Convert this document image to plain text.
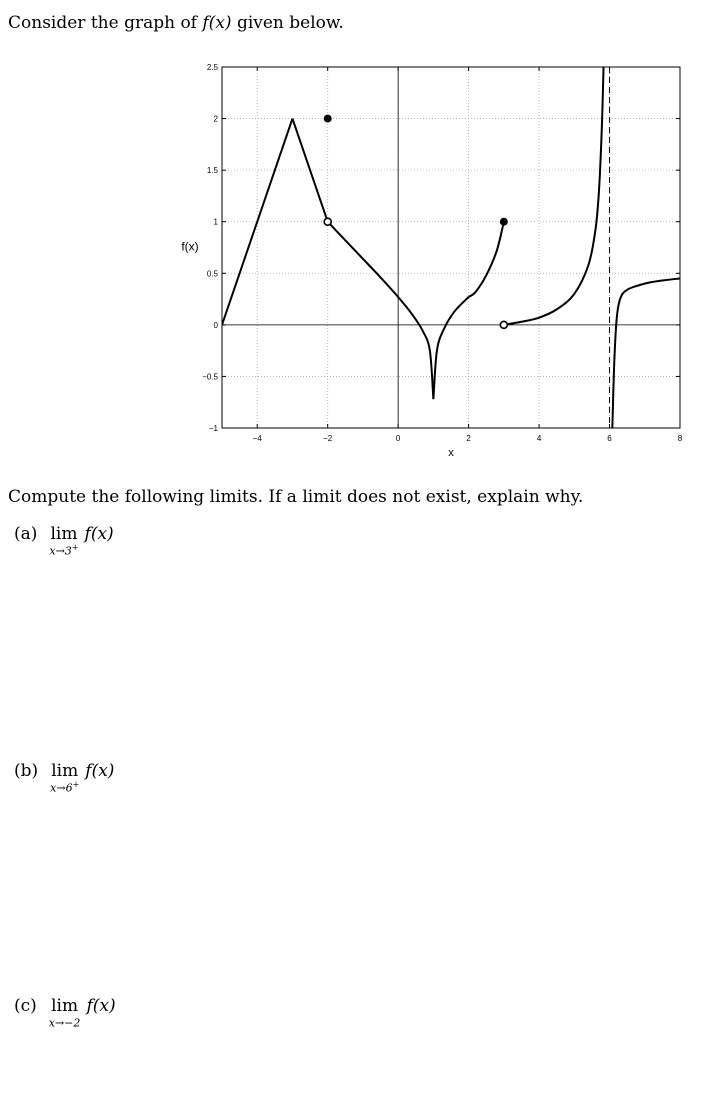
Consider the graph of f(x) given below.
−4	−2	0	2	4	6	8
−1
−0.5
0
0.5
1
1.5
2
2.5
x
f(x)
Compute the following limits. If a limit does not exist, explain why.
(a) lim
x→3+
f(x)
(b) lim
x→6+
f(x)
(c) lim
x→−2
f(x)
